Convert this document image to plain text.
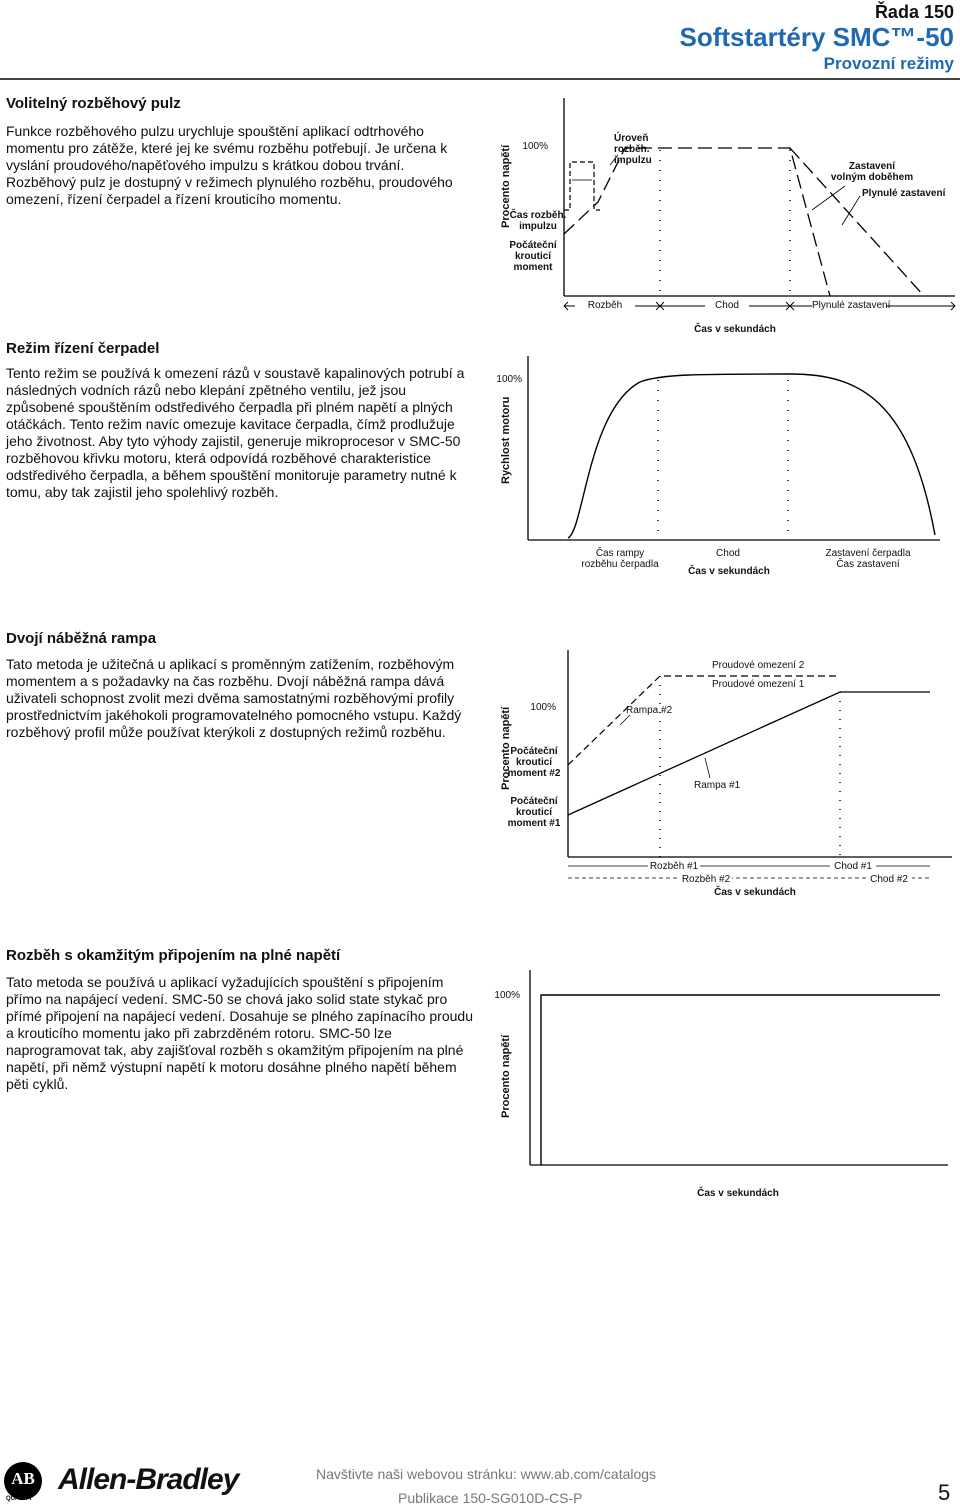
Řada 150
Softstartéry SMC™-50
Provozní režimy
Volitelný rozběhový pulz
Funkce rozběhového pulzu urychluje spouštění aplikací odtrhového momentu pro zátěže, které jej ke svému rozběhu potřebují. Je určena k vyslání proudového/napěťového impulzu s krátkou dobou trvání. Rozběhový pulz je dostupný v režimech plynulého rozběhu, proudového omezení, řízení čerpadel a řízení krouticího momentu.	Procento napětí	100%
Úroveň
rozběh.
impulzu
Čas rozběh.
impulzu
Počáteční
krouticí
moment
Zastavení
volným doběhem
Plynulé zastavení
Rozběh	Chod	Plynulé zastavení
Čas v sekundách
Režim řízení čerpadel
Tento režim se používá k omezení rázů v soustavě kapalinových potrubí a následných vodních rázů nebo klepání zpětného ventilu, jež jsou způsobené spouštěním odstředivého čerpadla při plném napětí a plných otáčkách. Tento režim navíc omezuje kavitace čerpadla, čímž prodlužuje jeho životnost. Aby tyto výhody zajistil, generuje mikroprocesor v SMC-50 rozběhovou křivku motoru, která odpovídá rozběhové charakteristice odstředivého čerpadla, a během spouštění monitoruje parametry nutné k tomu, aby tak zajistil jeho spolehlivý rozběh.
Rychlost motoru
100%
Čas rampy
rozběhu čerpadla
Chod
Čas v sekundách
Zastavení čerpadla
Čas zastavení
Dvojí náběžná rampa
Tato metoda je užitečná u aplikací s proměnným zatížením, rozběhovým momentem a s požadavky na čas rozběhu. Dvojí náběžná rampa dává uživateli schopnost zvolit mezi dvěma samostatnými rozběhovými profily prostřednictvím jakéhokoli programovatelného pomocného vstupu. Každý rozběhový profil může používat kterýkoli z dostupných režimů rozběhu.	Procento napětí	100%
Počáteční
krouticí
moment #2
Počáteční
krouticí
moment #1
Proudové omezení 2
Proudové omezení 1
Rampa #2
Rampa #1
Rozběh #1
Rozběh #2
Chod #1
Chod #2
Čas v sekundách
Rozběh s okamžitým připojením na plné napětí
Tato metoda se používá u aplikací vyžadujících spouštění s připojením přímo na napájecí vedení. SMC-50 se chová jako solid state stykač pro přímé připojení na napájecí vedení. Dosahuje se plného zapínacího proudu a krouticího momentu jako při zabrzděném rotoru. SMC-50 lze naprogramovat tak, aby zajišťoval rozběh s okamžitým připojením na plné napětí, při němž výstupní napětí k motoru dosáhne plného napětí během pěti cyklů.	Procento napětí
100%
Čas v sekundách
AB
QUALITY
Allen-Bradley	Navštivte naši webovou stránku: www.ab.com/catalogs
Publikace 150-SG010D-CS-P	5
